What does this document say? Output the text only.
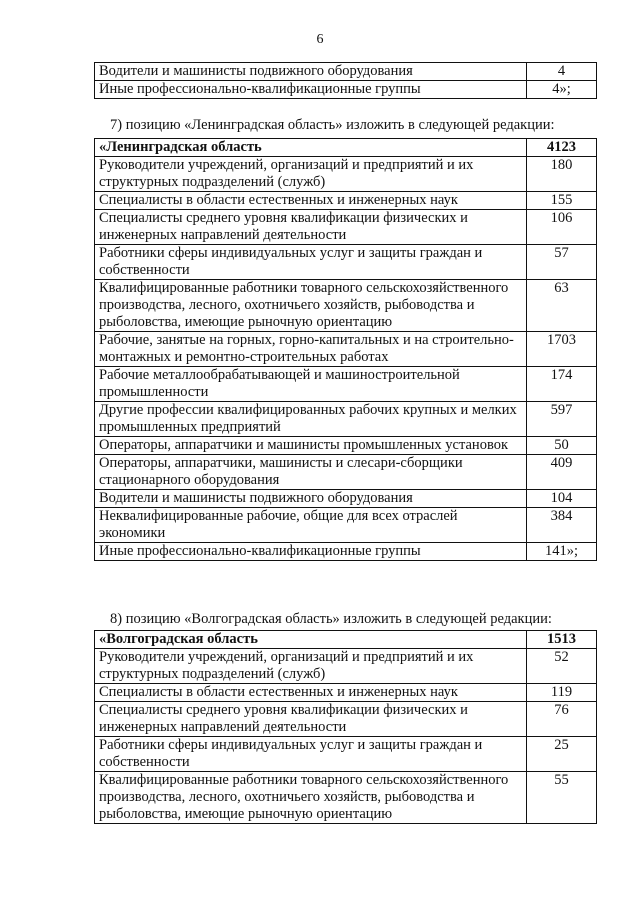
6
Водители и машинисты подвижного оборудования	4
Иные профессионально-квалификационные группы	4»;
7) позицию «Ленинградская область» изложить в следующей редакции:
«Ленинградская область	4123
Руководители учреждений, организаций и предприятий и их структурных подразделений (служб)	180
Специалисты в области естественных и инженерных наук	155
Специалисты среднего уровня квалификации физических и инженерных направлений деятельности	106
Работники сферы индивидуальных услуг и защиты граждан и собственности	57
Квалифицированные работники товарного сельскохозяйственного производства, лесного, охотничьего хозяйств, рыбоводства и рыболовства, имеющие рыночную ориентацию	63
Рабочие, занятые на горных, горно-капитальных и на строительно-монтажных и ремонтно-строительных работах	1703
Рабочие металлообрабатывающей и машиностроительной промышленности	174
Другие профессии квалифицированных рабочих крупных и мелких промышленных предприятий	597
Операторы, аппаратчики и машинисты промышленных установок	50
Операторы, аппаратчики, машинисты и слесари-сборщики стационарного оборудования	409
Водители и машинисты подвижного оборудования	104
Неквалифицированные рабочие, общие для всех отраслей экономики	384
Иные профессионально-квалификационные группы	141»;
8) позицию «Волгоградская область» изложить в следующей редакции:
«Волгоградская область	1513
Руководители учреждений, организаций и предприятий и их структурных подразделений (служб)	52
Специалисты в области естественных и инженерных наук	119
Специалисты среднего уровня квалификации физических и инженерных направлений деятельности	76
Работники сферы индивидуальных услуг и защиты граждан и собственности	25
Квалифицированные работники товарного сельскохозяйственного производства, лесного, охотничьего хозяйств, рыбоводства и рыболовства, имеющие рыночную ориентацию	55
